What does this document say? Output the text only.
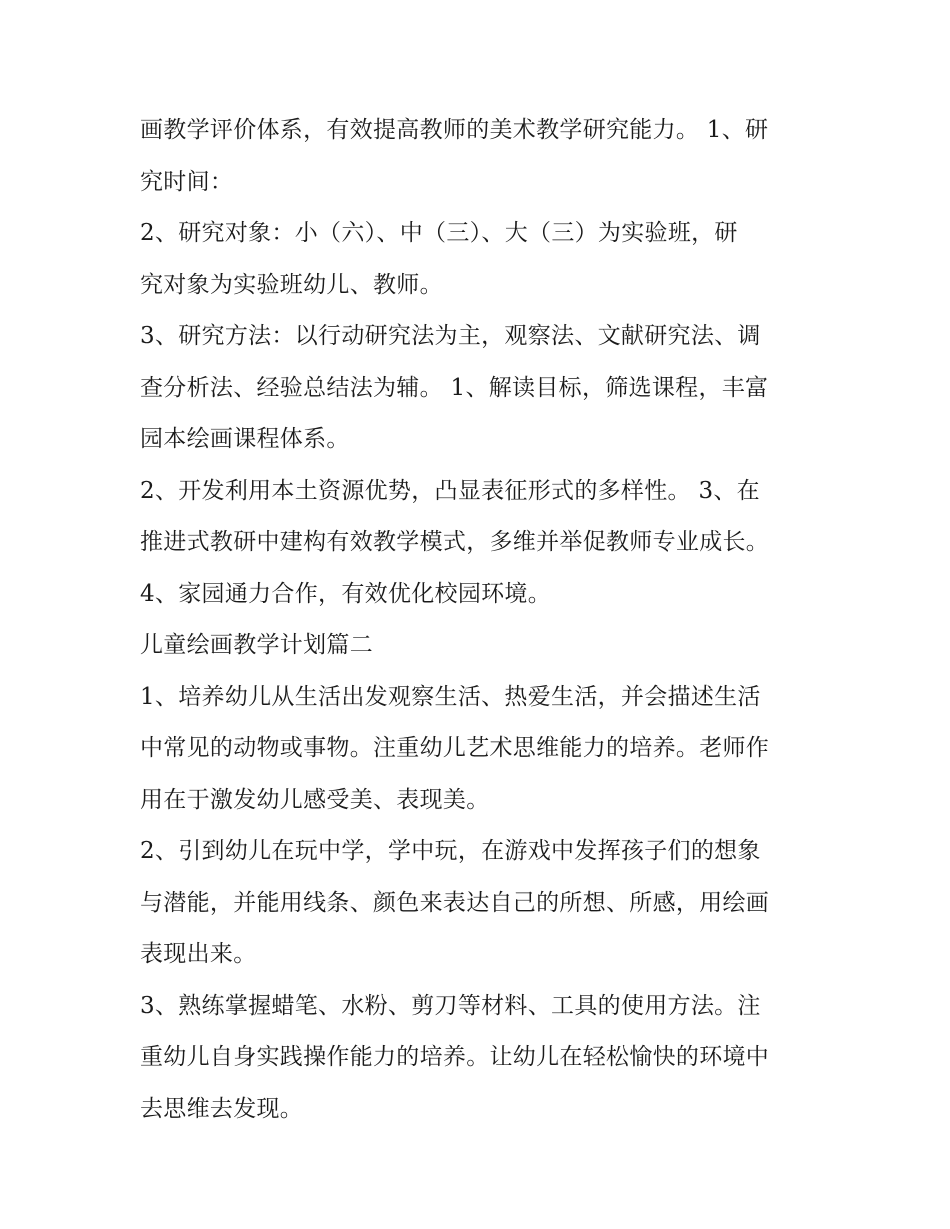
画教学评价体系，有效提高教师的美术教学研究能力。 1、研
究时间：

2、研究对象：小（六）、中（三）、大（三）为实验班，研
究对象为实验班幼儿、教师。

3、研究方法：以行动研究法为主，观察法、文献研究法、调
查分析法、经验总结法为辅。 1、解读目标，筛选课程，丰富
园本绘画课程体系。

2、开发利用本土资源优势，凸显表征形式的多样性。 3、在
推进式教研中建构有效教学模式，多维并举促教师专业成长。

4、家园通力合作，有效优化校园环境。

儿童绘画教学计划篇二

1、培养幼儿从生活出发观察生活、热爱生活，并会描述生活
中常见的动物或事物。注重幼儿艺术思维能力的培养。老师作
用在于激发幼儿感受美、表现美。

2、引到幼儿在玩中学，学中玩，在游戏中发挥孩子们的想象
与潜能，并能用线条、颜色来表达自己的所想、所感，用绘画
表现出来。

3、熟练掌握蜡笔、水粉、剪刀等材料、工具的使用方法。注
重幼儿自身实践操作能力的培养。让幼儿在轻松愉快的环境中
去思维去发现。
